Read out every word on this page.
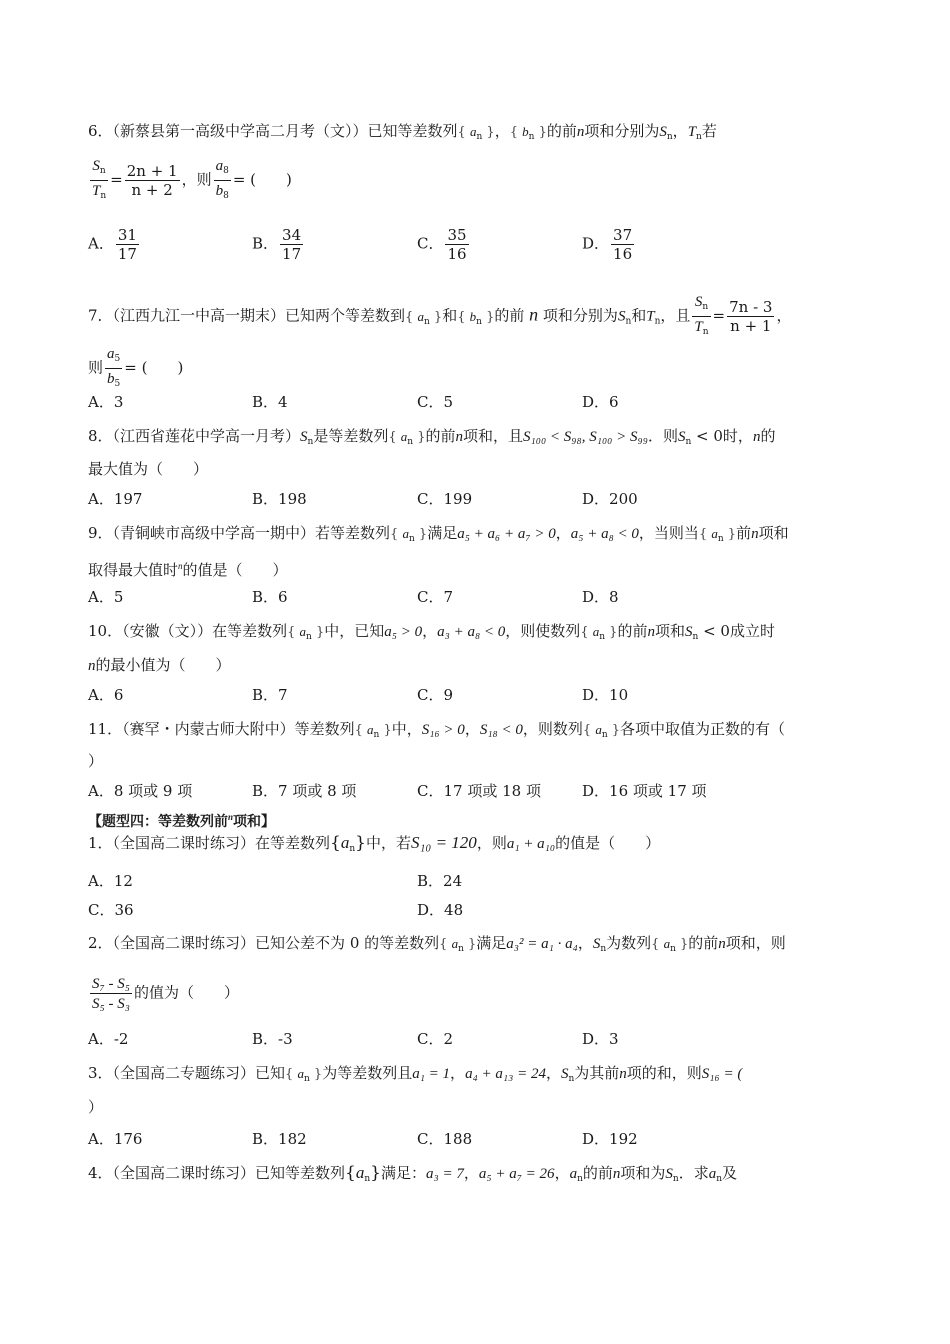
6．（新蔡县第一高级中学高二月考（文））已知等差数列{ $a_n$ }，{ $b_n$ }的前n项和分别为$S_n$，$T_n$若
$\frac{S_n}{T_n} = \frac{2n + 1}{n + 2}$ ，则 $\frac{a_8}{b_8}$ = (　　)
A． $\frac{31}{17}$	B． $\frac{34}{17}$	C． $\frac{35}{16}$	D． $\frac{37}{16}$
7．（江西九江一中高一期末）已知两个等差数到{ $a_n$ }和{ $b_n$ }的前 n 项和分别为$S_n$和$T_n$，且 $\frac{S_n}{T_n} = \frac{7n - 3}{n + 1}$ ，
则 $\frac{a_5}{b_5}$ = (　　)
A．3	B．4	C．5	D．6
8．（江西省莲花中学高一月考）$S_n$是等差数列{ $a_n$ }的前n项和，且S₁₀₀ < S₉₈, S₁₀₀ > S₉₉．则$S_n < 0$时，n的
最大值为（　　）
A．197	B．198	C．199	D．200
9．（青铜峡市高级中学高一期中）若等差数列{ $a_n$ }满足a₅ + a₆ + a₇ > 0，a₅ + a₈ < 0，当则当{ $a_n$ }前n项和
取得最大值时$^n$的值是（　　）
A．5	B．6	C．7	D．8
10．（安徽（文））在等差数列{ $a_n$ }中，已知a₅ > 0，a₃ + a₈ < 0，则使数列{ $a_n$ }的前n项和$S_n < 0$成立时
n的最小值为（　　）
A．6	B．7	C．9	D．10
11．（赛罕・内蒙古师大附中）等差数列{ $a_n$ }中，S₁₆ > 0，S₁₈ < 0，则数列{ $a_n$ }各项中取值为正数的有（
）
A．8 项或 9 项	B．7 项或 8 项	C．17 项或 18 项	D．16 项或 17 项
【题型四：等差数列前$^n$项和】
1．（全国高二课时练习）在等差数列$\{a_n\}$中，若S₁₀ = 120，则a₁ + a₁₀的值是（　　）
A．12	B．24
C．36	D．48
2．（全国高二课时练习）已知公差不为 0 的等差数列{ $a_n$ }满足a₃² = a₁ · a₄，$S_n$为数列{ $a_n$ }的前n项和，则
$\frac{\text{S₇ - S₅}}{\text{S₅ - S₃}}$ 的值为（　　）
A．-2	B．-3	C．2	D．3
3．（全国高二专题练习）已知{ $a_n$ }为等差数列且a₁ = 1，a₄ + a₁₃ = 24，$S_n$为其前n项的和，则S₁₆ = (
）
A．176	B．182	C．188	D．192
4．（全国高二课时练习）已知等差数列$\{a_n\}$满足：a₃ = 7，a₅ + a₇ = 26，$a_n$的前n项和为$S_n$．求$a_n$及
